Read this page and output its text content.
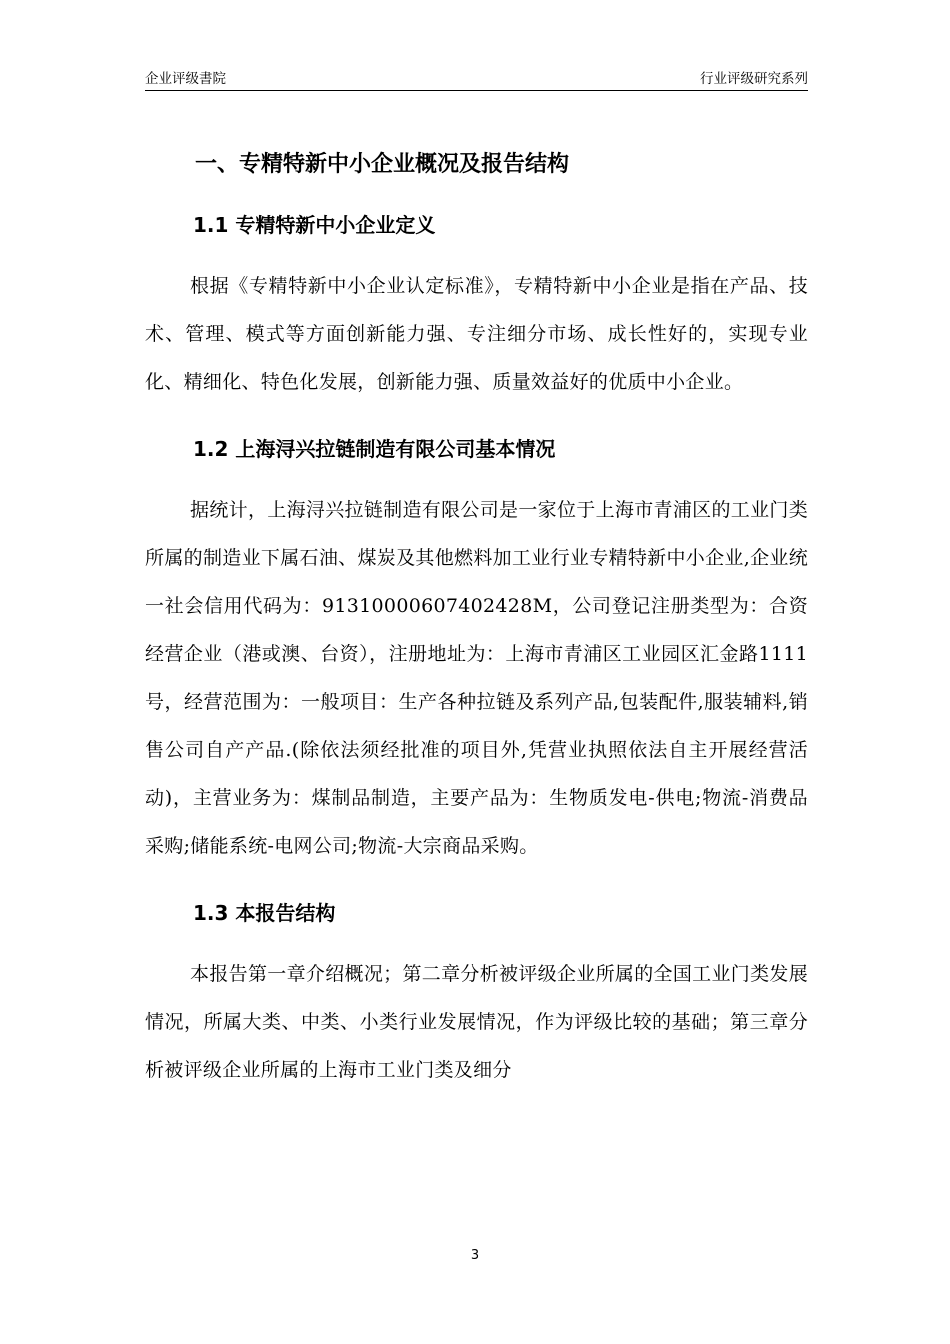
企业评级書院	行业评级研究系列
一、专精特新中小企业概况及报告结构
1.1 专精特新中小企业定义

根据《专精特新中小企业认定标准》，专精特新中小企业是指在产品、技术、管理、模式等方面创新能力强、专注细分市场、成长性好的，实现专业化、精细化、特色化发展，创新能力强、质量效益好的优质中小企业。

1.2 上海浔兴拉链制造有限公司基本情况

据统计，上海浔兴拉链制造有限公司是一家位于上海市青浦区的工业门类所属的制造业下属石油、煤炭及其他燃料加工业行业专精特新中小企业,企业统一社会信用代码为：91310000607402428M，公司登记注册类型为：合资经营企业（港或澳、台资），注册地址为：上海市青浦区工业园区汇金路1111号，经营范围为：一般项目：生产各种拉链及系列产品,包装配件,服装辅料,销售公司自产产品.(除依法须经批准的项目外,凭营业执照依法自主开展经营活动)，主营业务为：煤制品制造，主要产品为：生物质发电-供电;物流-消费品采购;储能系统-电网公司;物流-大宗商品采购。

1.3 本报告结构

本报告第一章介绍概况；第二章分析被评级企业所属的全国工业门类发展情况，所属大类、中类、小类行业发展情况，作为评级比较的基础；第三章分析被评级企业所属的上海市工业门类及细分

3
